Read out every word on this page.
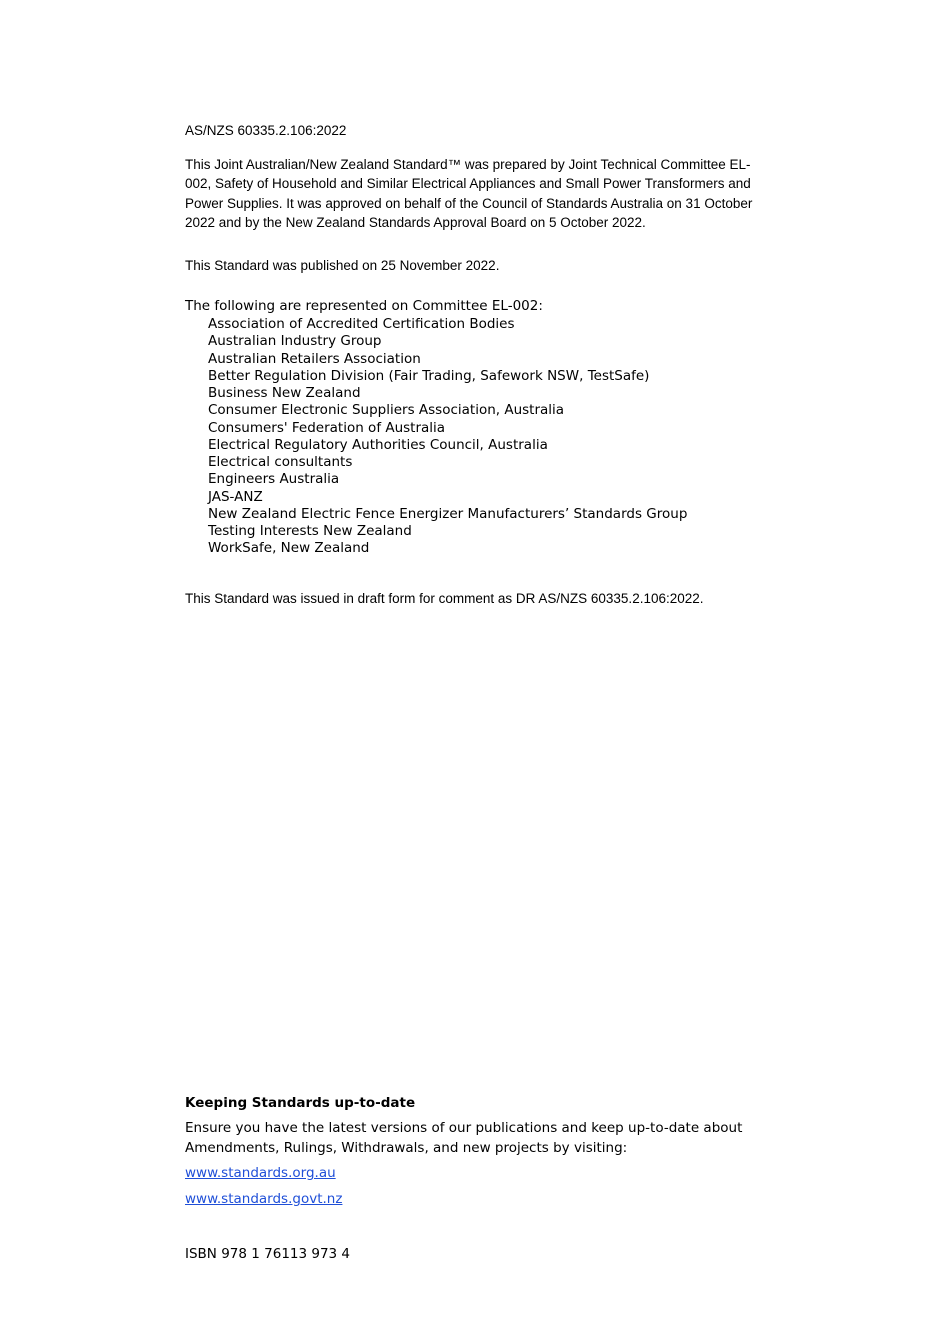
AS/NZS 60335.2.106:2022

This Joint Australian/New Zealand Standard™ was prepared by Joint Technical Committee EL-002, Safety of Household and Similar Electrical Appliances and Small Power Transformers and Power Supplies. It was approved on behalf of the Council of Standards Australia on 31 October 2022 and by the New Zealand Standards Approval Board on 5 October 2022.

This Standard was published on 25 November 2022.
The following are represented on Committee EL-002:
Association of Accredited Certification Bodies
Australian Industry Group
Australian Retailers Association
Better Regulation Division (Fair Trading, Safework NSW, TestSafe)
Business New Zealand
Consumer Electronic Suppliers Association, Australia
Consumers' Federation of Australia
Electrical Regulatory Authorities Council, Australia
Electrical consultants
Engineers Australia
JAS-ANZ
New Zealand Electric Fence Energizer Manufacturers’ Standards Group
Testing Interests New Zealand
WorkSafe, New Zealand
This Standard was issued in draft form for comment as DR AS/NZS 60335.2.106:2022.
Keeping Standards up-to-date

Ensure you have the latest versions of our publications and keep up-to-date about Amendments, Rulings, Withdrawals, and new projects by visiting:

www.standards.org.au
www.standards.govt.nz
ISBN 978 1 76113 973 4
